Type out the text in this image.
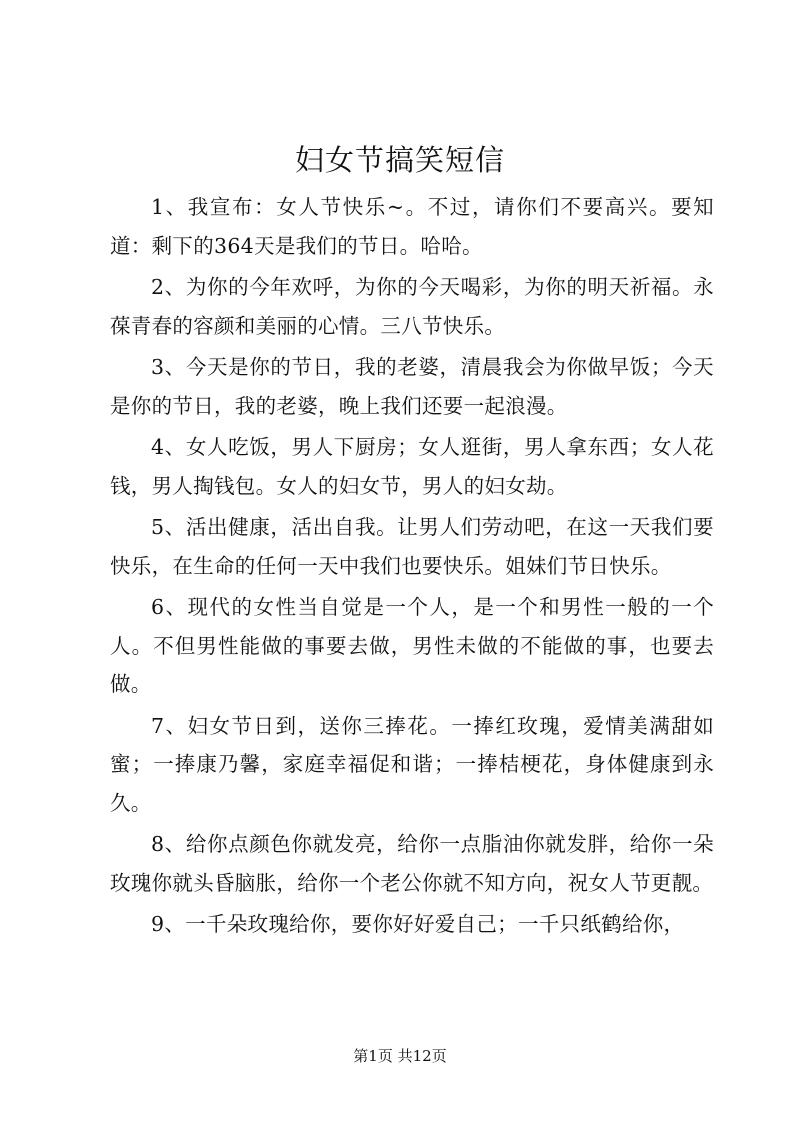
妇女节搞笑短信

1、我宣布：女人节快乐~。不过，请你们不要高兴。要知道：剩下的364天是我们的节日。哈哈。

2、为你的今年欢呼，为你的今天喝彩，为你的明天祈福。永葆青春的容颜和美丽的心情。三八节快乐。

3、今天是你的节日，我的老婆，清晨我会为你做早饭；今天是你的节日，我的老婆，晚上我们还要一起浪漫。

4、女人吃饭，男人下厨房；女人逛街，男人拿东西；女人花钱，男人掏钱包。女人的妇女节，男人的妇女劫。

5、活出健康，活出自我。让男人们劳动吧，在这一天我们要快乐，在生命的任何一天中我们也要快乐。姐妹们节日快乐。

6、现代的女性当自觉是一个人，是一个和男性一般的一个人。不但男性能做的事要去做，男性未做的不能做的事，也要去做。

7、妇女节日到，送你三捧花。一捧红玫瑰，爱情美满甜如蜜；一捧康乃馨，家庭幸福促和谐；一捧桔梗花，身体健康到永久。

8、给你点颜色你就发亮，给你一点脂油你就发胖，给你一朵玫瑰你就头昏脑胀，给你一个老公你就不知方向，祝女人节更靓。

9、一千朵玫瑰给你，要你好好爱自己；一千只纸鹤给你，

第1页 共12页
